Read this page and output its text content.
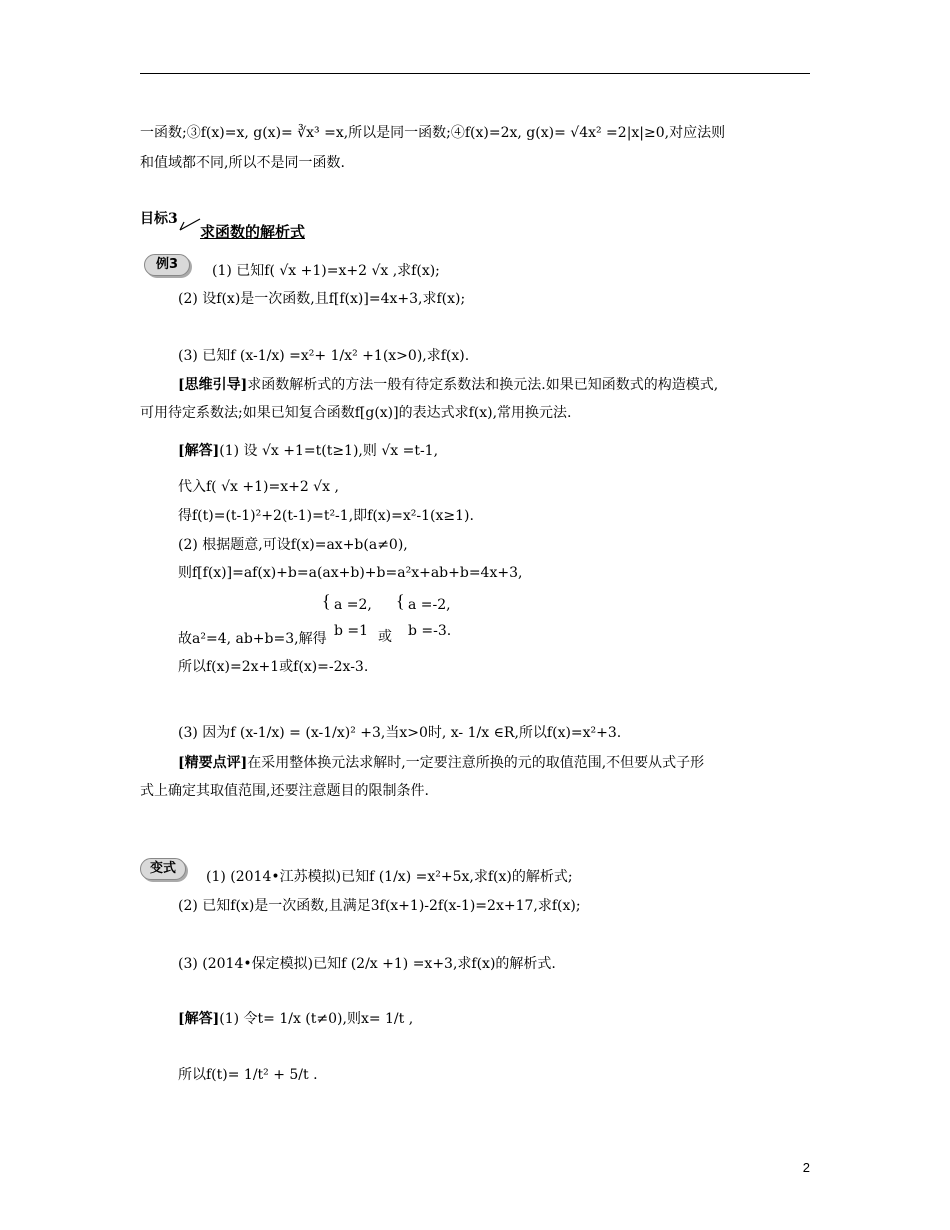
一函数;③f(x)=x, g(x)= ∛x³ =x,所以是同一函数;④f(x)=2x, g(x)= √4x² =2|x|≥0,对应法则
和值域都不同,所以不是同一函数.
目标3
求函数的解析式
例3	(1) 已知f( √x +1)=x+2 √x ,求f(x);
(2) 设f(x)是一次函数,且f[f(x)]=4x+3,求f(x);
(3) 已知f (x-1/x) =x²+ 1/x² +1(x>0),求f(x).
[思维引导]求函数解析式的方法一般有待定系数法和换元法.如果已知函数式的构造模式,
可用待定系数法;如果已知复合函数f[g(x)]的表达式求f(x),常用换元法.
[解答](1) 设 √x +1=t(t≥1),则 √x =t-1,
代入f( √x +1)=x+2 √x ,
得f(t)=(t-1)²+2(t-1)=t²-1,即f(x)=x²-1(x≥1).
(2) 根据题意,可设f(x)=ax+b(a≠0),
则f[f(x)]=af(x)+b=a(ax+b)+b=a²x+ab+b=4x+3,
{ a =2,
b =1 或
{ a =-2,
b =-3.
故a²=4, ab+b=3,解得
所以f(x)=2x+1或f(x)=-2x-3.
(3) 因为f (x-1/x) = (x-1/x)² +3,当x>0时, x- 1/x ∈R,所以f(x)=x²+3.
[精要点评]在采用整体换元法求解时,一定要注意所换的元的取值范围,不但要从式子形
式上确定其取值范围,还要注意题目的限制条件.
变式
(1) (2014•江苏模拟)已知f (1/x) =x²+5x,求f(x)的解析式;
(2) 已知f(x)是一次函数,且满足3f(x+1)-2f(x-1)=2x+17,求f(x);
(3) (2014•保定模拟)已知f (2/x +1) =x+3,求f(x)的解析式.
[解答](1) 令t= 1/x (t≠0),则x= 1/t ,
所以f(t)= 1/t² + 5/t .
2
